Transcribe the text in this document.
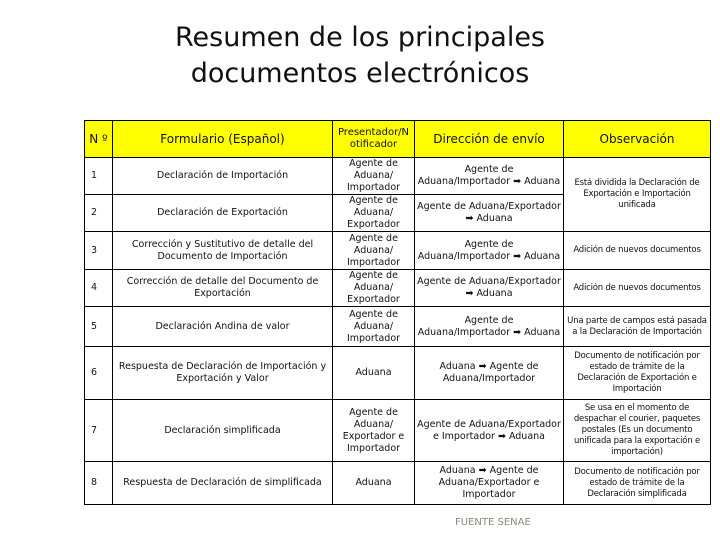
Resumen de los principales
documentos electrónicos
N º	Formulario (Español)	Presentador/Notificador	Dirección de envío	Observación
1	Declaración de Importación	Agente de Aduana/ Importador	Agente de Aduana/Importador ➡ Aduana	Está dividida la Declaración de Exportación e Importación unificada
2	Declaración de Exportación	Agente de Aduana/ Exportador	Agente de Aduana/Exportador ➡ Aduana	
3	Corrección y Sustitutivo de detalle del Documento de Importación	Agente de Aduana/ Importador	Agente de Aduana/Importador ➡ Aduana	Adición de nuevos documentos
4	Corrección de detalle del Documento de Exportación	Agente de Aduana/ Exportador	Agente de Aduana/Exportador ➡ Aduana	Adición de nuevos documentos
5	Declaración Andina de valor	Agente de Aduana/ Importador	Agente de Aduana/Importador ➡ Aduana	Una parte de campos está pasada a la Declaración de Importación
6	Respuesta de Declaración de Importación y Exportación y Valor	Aduana	Aduana ➡ Agente de Aduana/Importador	Documento de notificación por estado de trámite de la Declaración de Exportación e Importación
7	Declaración simplificada	Agente de Aduana/ Exportador e Importador	Agente de Aduana/Exportador e Importador ➡ Aduana	Se usa en el momento de despachar el courier, paquetes postales (Es un documento unificada para la exportación e importación)
8	Respuesta de Declaración de simplificada	Aduana	Aduana ➡ Agente de Aduana/Exportador e Importador	Documento de notificación por estado de trámite de la Declaración simplificada
FUENTE SENAE
